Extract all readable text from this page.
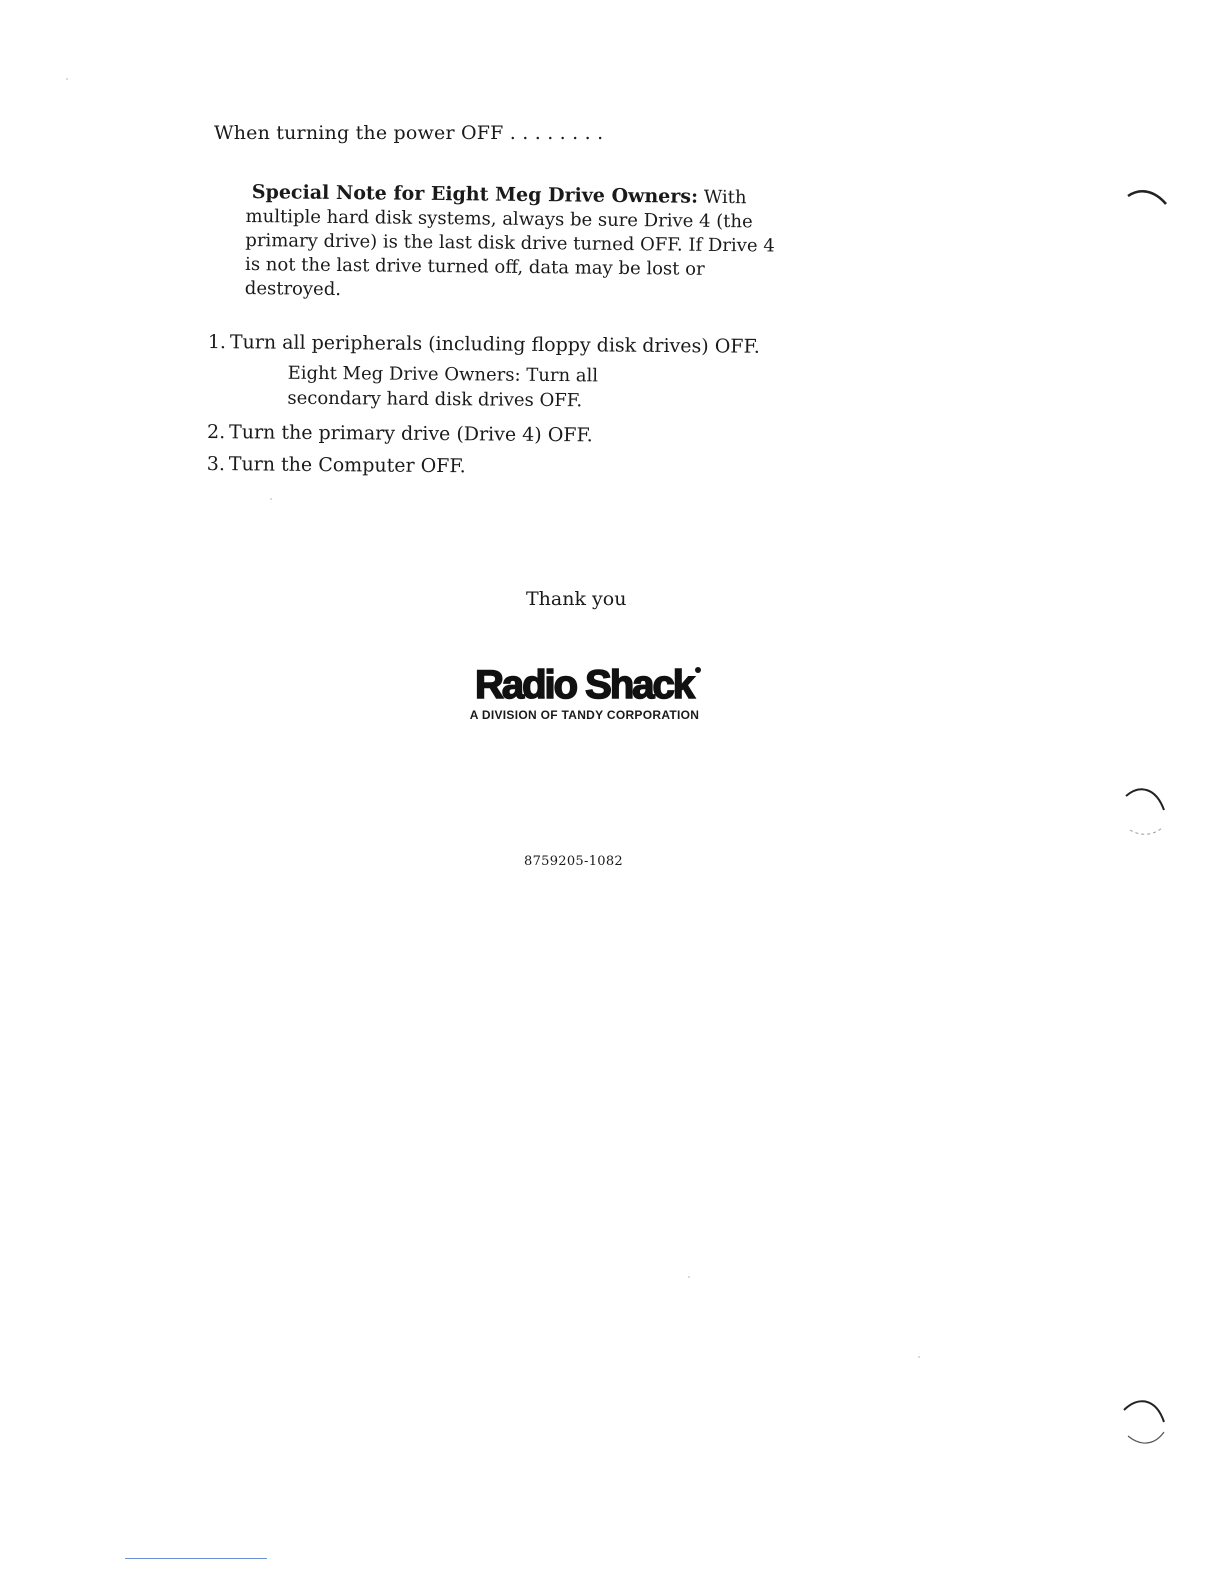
When turning the power OFF . . . . . . . .
Special Note for Eight Meg Drive Owners: With
multiple hard disk systems, always be sure Drive 4 (the
primary drive) is the last disk drive turned OFF. If Drive 4
is not the last drive turned off, data may be lost or
destroyed.

1. Turn all peripherals (including floppy disk drives) OFF.

Eight Meg Drive Owners: Turn all
secondary hard disk drives OFF.

2. Turn the primary drive (Drive 4) OFF.

3. Turn the Computer OFF.

Thank you
Radio Shack
A DIVISION OF TANDY CORPORATION
8759205-1082
